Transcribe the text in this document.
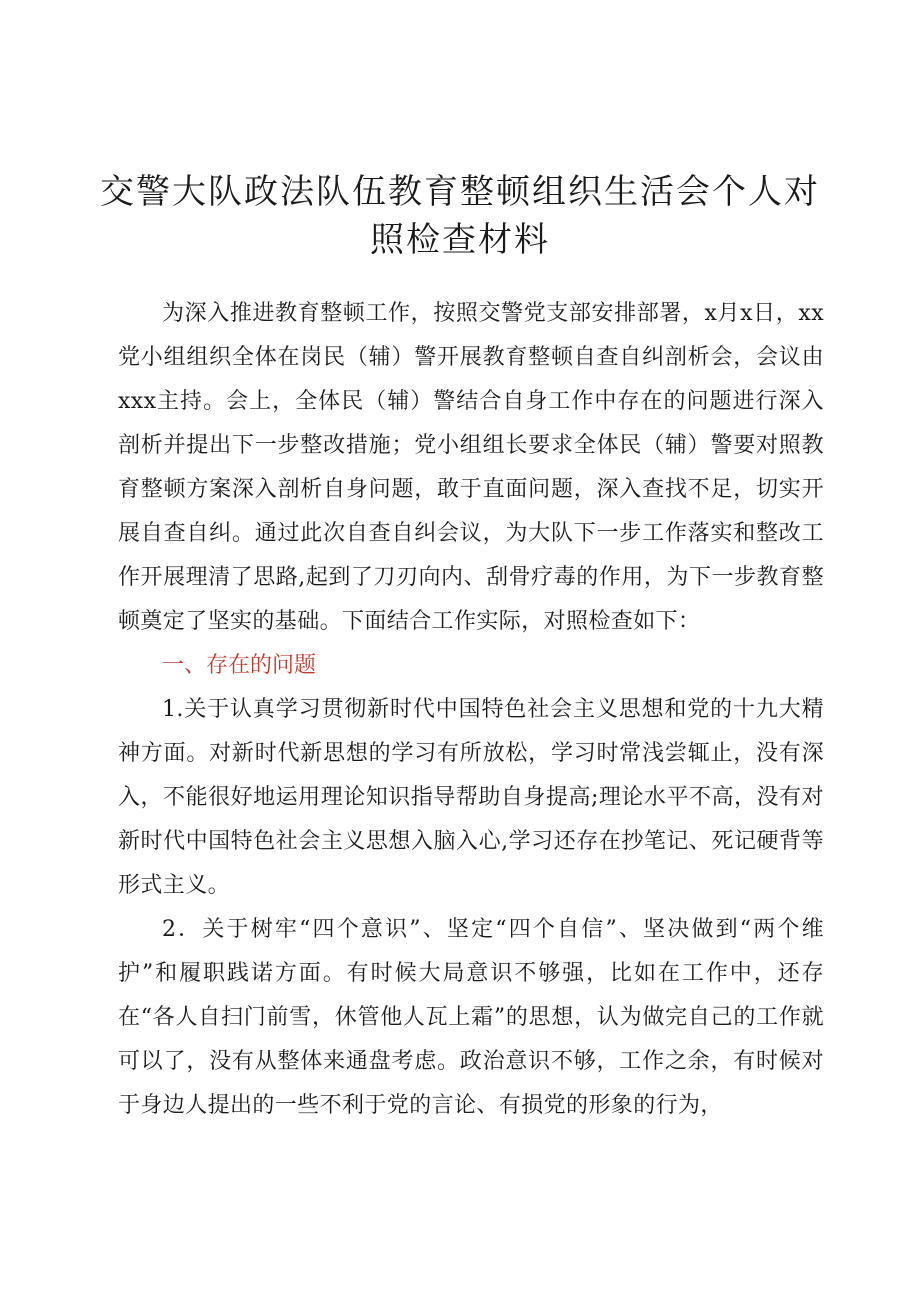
交警大队政法队伍教育整顿组织生活会个人对照检查材料

为深入推进教育整顿工作，按照交警党支部安排部署，x月x日，xx党小组组织全体在岗民（辅）警开展教育整顿自查自纠剖析会，会议由xxx主持。会上，全体民（辅）警结合自身工作中存在的问题进行深入剖析并提出下一步整改措施；党小组组长要求全体民（辅）警要对照教育整顿方案深入剖析自身问题，敢于直面问题，深入查找不足，切实开展自查自纠。通过此次自查自纠会议，为大队下一步工作落实和整改工作开展理清了思路,起到了刀刃向内、刮骨疗毒的作用，为下一步教育整顿奠定了坚实的基础。下面结合工作实际，对照检查如下：

一、存在的问题

1.关于认真学习贯彻新时代中国特色社会主义思想和党的十九大精神方面。对新时代新思想的学习有所放松，学习时常浅尝辄止，没有深入，不能很好地运用理论知识指导帮助自身提高;理论水平不高，没有对新时代中国特色社会主义思想入脑入心,学习还存在抄笔记、死记硬背等形式主义。

2．关于树牢“四个意识”、坚定“四个自信”、坚决做到“两个维护”和履职践诺方面。有时候大局意识不够强，比如在工作中，还存在“各人自扫门前雪，休管他人瓦上霜”的思想，认为做完自己的工作就可以了，没有从整体来通盘考虑。政治意识不够，工作之余，有时候对于身边人提出的一些不利于党的言论、有损党的形象的行为，
